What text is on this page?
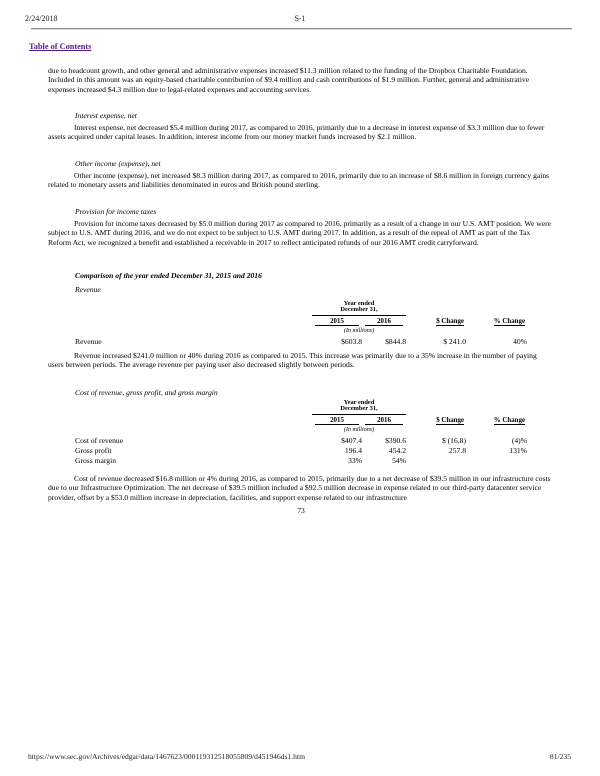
2/24/2018	S-1
Table of Contents

due to headcount growth, and other general and administrative expenses increased $11.3 million related to the funding of the Dropbox Charitable Foundation. Included in this amount was an equity-based charitable contribution of $9.4 million and cash contributions of $1.9 million. Further, general and administrative expenses increased $4.3 million due to legal-related expenses and accounting services.

Interest expense, net

Interest expense, net decreased $5.4 million during 2017, as compared to 2016, primarily due to a decrease in interest expense of $3.3 million due to fewer assets acquired under capital leases. In addition, interest income from our money market funds increased by $2.1 million.

Other income (expense), net

Other income (expense), net increased $8.3 million during 2017, as compared to 2016, primarily due to an increase of $8.6 million in foreign currency gains related to monetary assets and liabilities denominated in euros and British pound sterling.

Provision for income taxes

Provision for income taxes decreased by $5.0 million during 2017 as compared to 2016, primarily as a result of a change in our U.S. AMT position. We were subject to U.S. AMT during 2016, and we do not expect to be subject to U.S. AMT during 2017. In addition, as a result of the repeal of AMT as part of the Tax Reform Act, we recognized a benefit and established a receivable in 2017 to reflect anticipated refunds of our 2016 AMT credit carryforward.

Comparison of the year ended December 31, 2015 and 2016
Revenue
	Year ended
December 31,			

	2015	2016	$ Change	% Change
	(In millions)			
Revenue	$603.8	$844.8	$ 241.0	40%

Revenue increased $241.0 million or 40% during 2016 as compared to 2015. This increase was primarily due to a 35% increase in the number of paying users between periods. The average revenue per paying user also decreased slightly between periods.

Cost of revenue, gross profit, and gross margin
	Year ended
December 31,			

	2015	2016	$ Change	% Change
	(In millions)			
Cost of revenue	$407.4	$390.6	$ (16.8)	(4)%
Gross profit	196.4	454.2	257.8	131%
Gross margin	33%	54%		

Cost of revenue decreased $16.8 million or 4% during 2016, as compared to 2015, primarily due to a net decrease of $39.5 million in our infrastructure costs due to our Infrastructure Optimization. The net decrease of $39.5 million included a $92.5 million decrease in expense related to our third-party datacenter service provider, offset by a $53.0 million increase in depreciation, facilities, and support expense related to our infrastructure

73
https://www.sec.gov/Archives/edgar/data/1467623/000119312518055809/d451946ds1.htm	81/235
